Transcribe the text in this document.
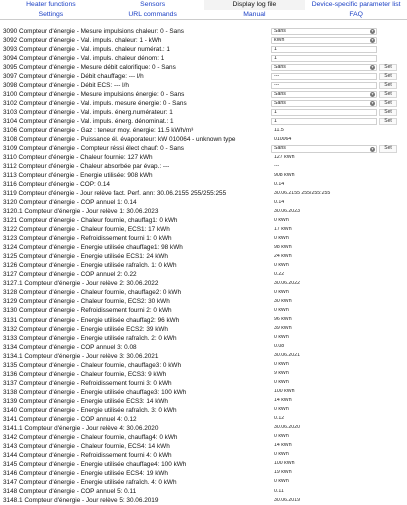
Heater functions	Sensors	Display log file	Device-specific parameter list
Settings	URL commands	Manual	FAQ
3090 Compteur d'énergie - Mesure impulsions chaleur: 0 - Sans	Sans	▾
3092 Compteur d'énergie - Val. impuls. chaleur: 1 - kWh	kWh	▾
3093 Compteur d'énergie - Val. impuls. chaleur numérat.: 1	1
3094 Compteur d'énergie - Val. impuls. chaleur dénom: 1	1
3095 Compteur d'énergie - Mesure débit calorifique: 0 - Sans	Sans	▾	Set
3097 Compteur d'énergie - Débit chauffage: --- l/h	---	Set
3098 Compteur d'énergie - Débit ECS: --- l/h	---	Set
3100 Compteur d'énergie - Mesure impulsions énergie: 0 - Sans	Sans	▾	Set
3102 Compteur d'énergie - Val. impuls. mesure énergie: 0 - Sans	Sans	▾	Set
3103 Compteur d'énergie - Val. impuls. énerg.numérateur: 1	1	Set
3104 Compteur d'énergie - Val. impuls. énerg. dénominat.: 1	1	Set
3106 Compteur d'énergie - Gaz : teneur moy. énergie: 11.5 kWh/m³	11.5
3108 Compteur d'énergie - Puissance él. évaporateur: kW 010064 - unknown type	010064
3109 Compteur d'énergie - Compteur réssi élect chauf: 0 - Sans	Sans	▾	Set
3110 Compteur d'énergie - Chaleur fournie: 127 kWh	127 kWh
3112 Compteur d'énergie - Chaleur absorbée par évap.: ---	---
3113 Compteur d'énergie - Energie utilisée: 908 kWh	908 kWh
3116 Compteur d'énergie - COP: 0.14	0.14
3119 Compteur d'énergie - Jour relève fact. Perf. ann: 30.06.2155 255/255:255	30.06.2155 255/255:255
3120 Compteur d'énergie - COP annuel 1: 0.14	0.14
3120.1 Compteur d'énergie - Jour relève 1: 30.06.2023	30.06.2023
3121 Compteur d'énergie - Chaleur fournie, chauffag1: 0 kWh	0 kWh
3122 Compteur d'énergie - Chaleur fournie, ECS1: 17 kWh	17 kWh
3123 Compteur d'énergie - Refroidissement fourni 1: 0 kWh	0 kWh
3124 Compteur d'énergie - Energie utilisée chauffage1: 98 kWh	98 kWh
3125 Compteur d'énergie - Energie utilisée ECS1: 24 kWh	24 kWh
3126 Compteur d'énergie - Energie utilisée rafraîch. 1: 0 kWh	0 kWh
3127 Compteur d'énergie - COP annuel 2: 0.22	0.22
3127.1 Compteur d'énergie - Jour relève 2: 30.06.2022	30.06.2022
3128 Compteur d'énergie - Chaleur fournie, chauffage2: 0 kWh	0 kWh
3129 Compteur d'énergie - Chaleur fournie, ECS2: 30 kWh	30 kWh
3130 Compteur d'énergie - Refroidissement fourni 2: 0 kWh	0 kWh
3131 Compteur d'énergie - Energie utilisée chauffag2: 96 kWh	96 kWh
3132 Compteur d'énergie - Energie utilisée ECS2: 39 kWh	39 kWh
3133 Compteur d'énergie - Energie utilisée rafraîch. 2: 0 kWh	0 kWh
3134 Compteur d'énergie - COP annuel 3: 0.08	0.08
3134.1 Compteur d'énergie - Jour relève 3: 30.06.2021	30.06.2021
3135 Compteur d'énergie - Chaleur fournie, chauffage3: 0 kWh	0 kWh
3136 Compteur d'énergie - Chaleur fournie, ECS3: 9 kWh	9 kWh
3137 Compteur d'énergie - Refroidissement fourni 3: 0 kWh	0 kWh
3138 Compteur d'énergie - Energie utilisée chauffage3: 100 kWh	100 kWh
3139 Compteur d'énergie - Energie utilisée ECS3: 14 kWh	14 kWh
3140 Compteur d'énergie - Energie utilisée rafraîch. 3: 0 kWh	0 kWh
3141 Compteur d'énergie - COP annuel 4: 0.12	0.12
3141.1 Compteur d'énergie - Jour relève 4: 30.06.2020	30.06.2020
3142 Compteur d'énergie - Chaleur fournie, chauffag4: 0 kWh	0 kWh
3143 Compteur d'énergie - Chaleur fournie, ECS4: 14 kWh	14 kWh
3144 Compteur d'énergie - Refroidissement fourni 4: 0 kWh	0 kWh
3145 Compteur d'énergie - Energie utilisée chauffage4: 100 kWh	100 kWh
3146 Compteur d'énergie - Energie utilisée ECS4: 19 kWh	19 kWh
3147 Compteur d'énergie - Energie utilisée rafraîch. 4: 0 kWh	0 kWh
3148 Compteur d'énergie - COP annuel 5: 0.11	0.11
3148.1 Compteur d'énergie - Jour relève 5: 30.06.2019	30.06.2019
